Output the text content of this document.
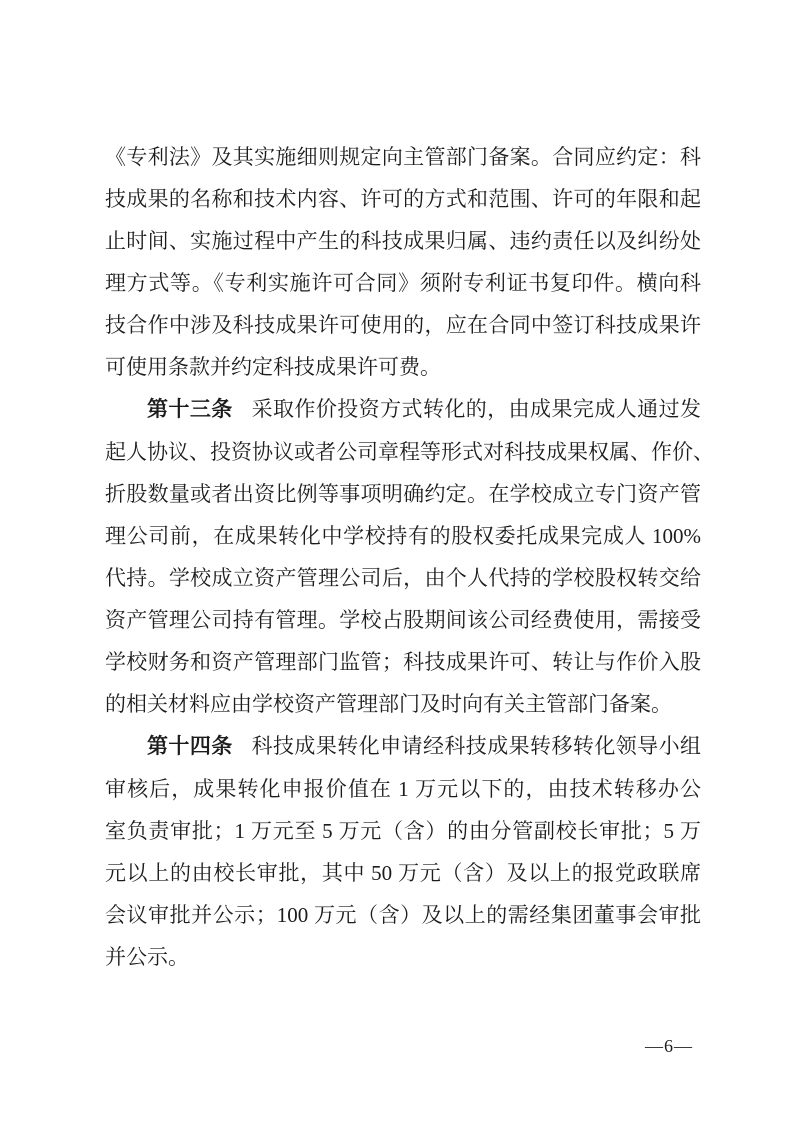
《专利法》及其实施细则规定向主管部门备案。合同应约定：科

技成果的名称和技术内容、许可的方式和范围、许可的年限和起

止时间、实施过程中产生的科技成果归属、违约责任以及纠纷处

理方式等。《专利实施许可合同》须附专利证书复印件。横向科

技合作中涉及科技成果许可使用的，应在合同中签订科技成果许

可使用条款并约定科技成果许可费。

第十三条 采取作价投资方式转化的，由成果完成人通过发

起人协议、投资协议或者公司章程等形式对科技成果权属、作价、

折股数量或者出资比例等事项明确约定。在学校成立专门资产管

理公司前，在成果转化中学校持有的股权委托成果完成人 100%

代持。学校成立资产管理公司后，由个人代持的学校股权转交给

资产管理公司持有管理。学校占股期间该公司经费使用，需接受

学校财务和资产管理部门监管；科技成果许可、转让与作价入股

的相关材料应由学校资产管理部门及时向有关主管部门备案。

第十四条 科技成果转化申请经科技成果转移转化领导小组

审核后，成果转化申报价值在 1 万元以下的，由技术转移办公

室负责审批；1 万元至 5 万元（含）的由分管副校长审批；5 万

元以上的由校长审批，其中 50 万元（含）及以上的报党政联席

会议审批并公示；100 万元（含）及以上的需经集团董事会审批

并公示。

—6—
